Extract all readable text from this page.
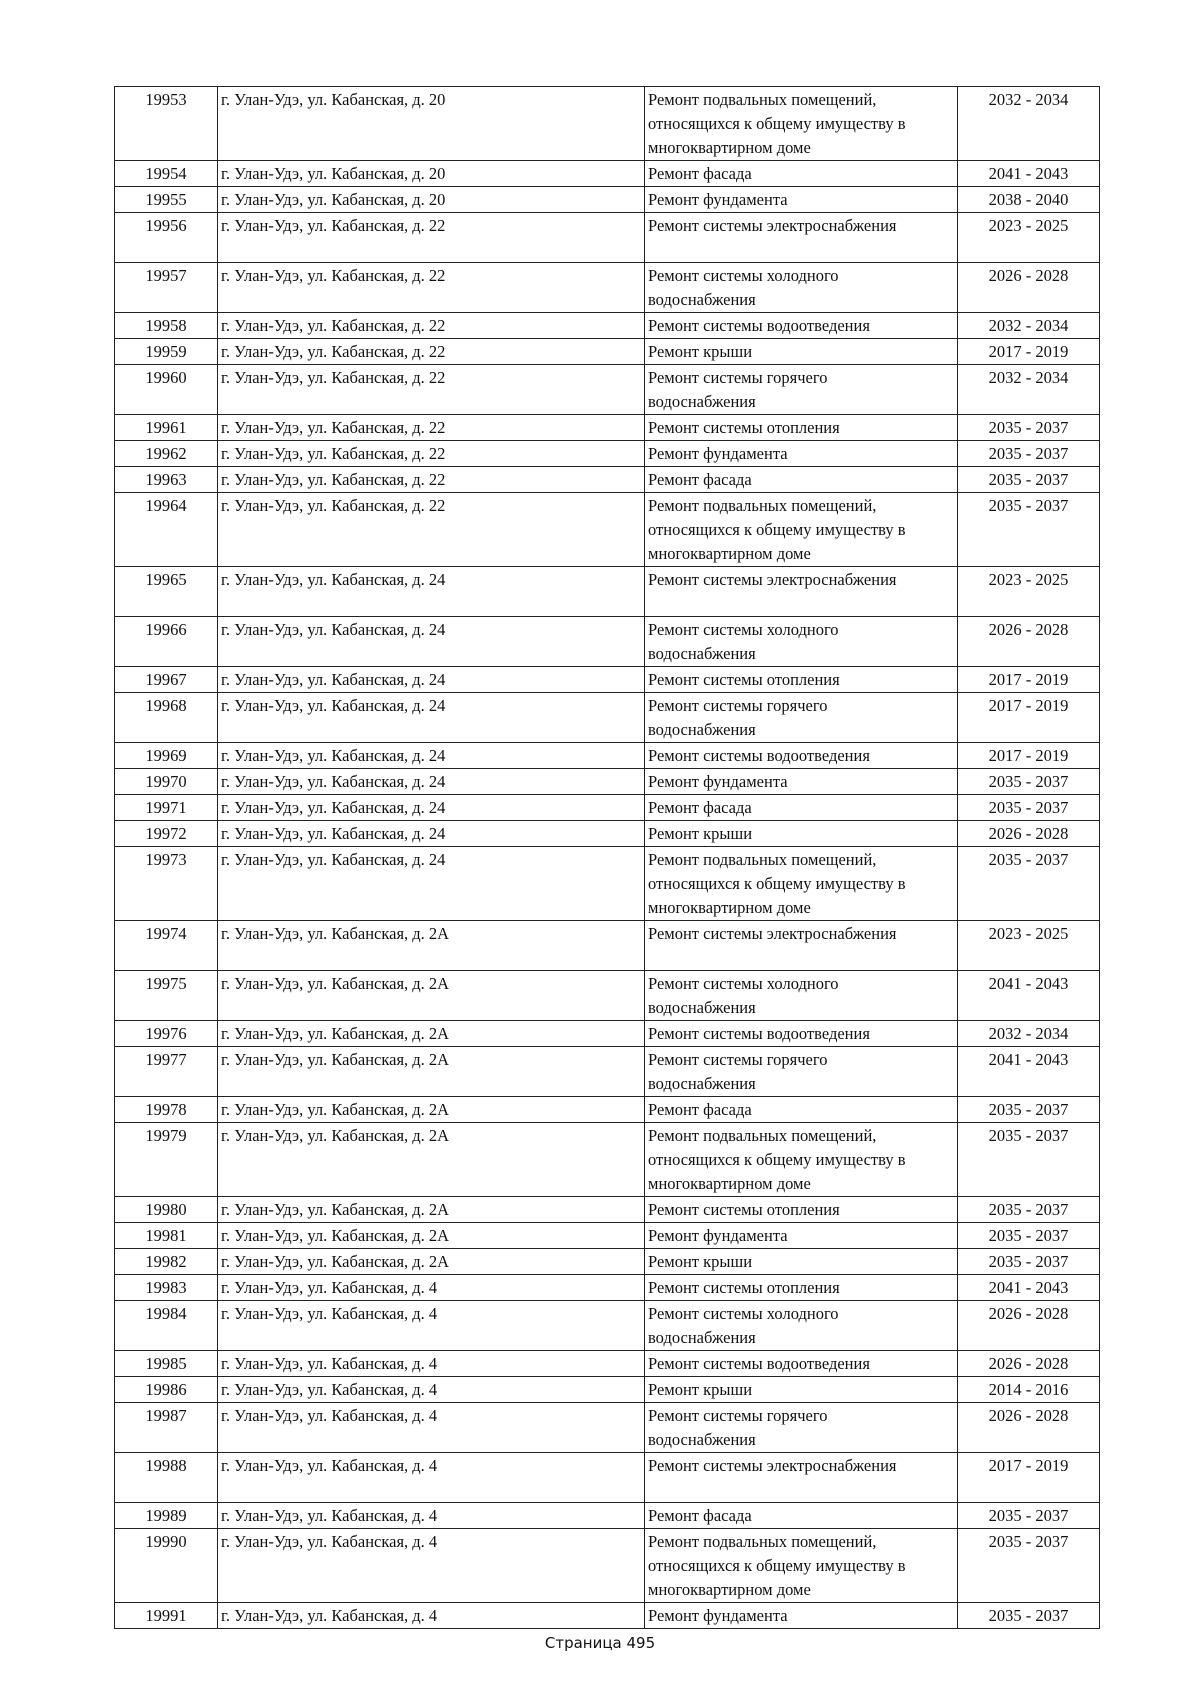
19953	г. Улан-Удэ, ул. Кабанская, д. 20	Ремонт подвальных помещений,
относящихся к общему имуществу в
многоквартирном доме	2032 - 2034
19954	г. Улан-Удэ, ул. Кабанская, д. 20	Ремонт фасада	2041 - 2043
19955	г. Улан-Удэ, ул. Кабанская, д. 20	Ремонт фундамента	2038 - 2040
19956	г. Улан-Удэ, ул. Кабанская, д. 22	Ремонт системы электроснабжения	2023 - 2025
19957	г. Улан-Удэ, ул. Кабанская, д. 22	Ремонт системы холодного
водоснабжения	2026 - 2028
19958	г. Улан-Удэ, ул. Кабанская, д. 22	Ремонт системы водоотведения	2032 - 2034
19959	г. Улан-Удэ, ул. Кабанская, д. 22	Ремонт крыши	2017 - 2019
19960	г. Улан-Удэ, ул. Кабанская, д. 22	Ремонт системы горячего
водоснабжения	2032 - 2034
19961	г. Улан-Удэ, ул. Кабанская, д. 22	Ремонт системы отопления	2035 - 2037
19962	г. Улан-Удэ, ул. Кабанская, д. 22	Ремонт фундамента	2035 - 2037
19963	г. Улан-Удэ, ул. Кабанская, д. 22	Ремонт фасада	2035 - 2037
19964	г. Улан-Удэ, ул. Кабанская, д. 22	Ремонт подвальных помещений,
относящихся к общему имуществу в
многоквартирном доме	2035 - 2037
19965	г. Улан-Удэ, ул. Кабанская, д. 24	Ремонт системы электроснабжения	2023 - 2025
19966	г. Улан-Удэ, ул. Кабанская, д. 24	Ремонт системы холодного
водоснабжения	2026 - 2028
19967	г. Улан-Удэ, ул. Кабанская, д. 24	Ремонт системы отопления	2017 - 2019
19968	г. Улан-Удэ, ул. Кабанская, д. 24	Ремонт системы горячего
водоснабжения	2017 - 2019
19969	г. Улан-Удэ, ул. Кабанская, д. 24	Ремонт системы водоотведения	2017 - 2019
19970	г. Улан-Удэ, ул. Кабанская, д. 24	Ремонт фундамента	2035 - 2037
19971	г. Улан-Удэ, ул. Кабанская, д. 24	Ремонт фасада	2035 - 2037
19972	г. Улан-Удэ, ул. Кабанская, д. 24	Ремонт крыши	2026 - 2028
19973	г. Улан-Удэ, ул. Кабанская, д. 24	Ремонт подвальных помещений,
относящихся к общему имуществу в
многоквартирном доме	2035 - 2037
19974	г. Улан-Удэ, ул. Кабанская, д. 2А	Ремонт системы электроснабжения	2023 - 2025
19975	г. Улан-Удэ, ул. Кабанская, д. 2А	Ремонт системы холодного
водоснабжения	2041 - 2043
19976	г. Улан-Удэ, ул. Кабанская, д. 2А	Ремонт системы водоотведения	2032 - 2034
19977	г. Улан-Удэ, ул. Кабанская, д. 2А	Ремонт системы горячего
водоснабжения	2041 - 2043
19978	г. Улан-Удэ, ул. Кабанская, д. 2А	Ремонт фасада	2035 - 2037
19979	г. Улан-Удэ, ул. Кабанская, д. 2А	Ремонт подвальных помещений,
относящихся к общему имуществу в
многоквартирном доме	2035 - 2037
19980	г. Улан-Удэ, ул. Кабанская, д. 2А	Ремонт системы отопления	2035 - 2037
19981	г. Улан-Удэ, ул. Кабанская, д. 2А	Ремонт фундамента	2035 - 2037
19982	г. Улан-Удэ, ул. Кабанская, д. 2А	Ремонт крыши	2035 - 2037
19983	г. Улан-Удэ, ул. Кабанская, д. 4	Ремонт системы отопления	2041 - 2043
19984	г. Улан-Удэ, ул. Кабанская, д. 4	Ремонт системы холодного
водоснабжения	2026 - 2028
19985	г. Улан-Удэ, ул. Кабанская, д. 4	Ремонт системы водоотведения	2026 - 2028
19986	г. Улан-Удэ, ул. Кабанская, д. 4	Ремонт крыши	2014 - 2016
19987	г. Улан-Удэ, ул. Кабанская, д. 4	Ремонт системы горячего
водоснабжения	2026 - 2028
19988	г. Улан-Удэ, ул. Кабанская, д. 4	Ремонт системы электроснабжения	2017 - 2019
19989	г. Улан-Удэ, ул. Кабанская, д. 4	Ремонт фасада	2035 - 2037
19990	г. Улан-Удэ, ул. Кабанская, д. 4	Ремонт подвальных помещений,
относящихся к общему имуществу в
многоквартирном доме	2035 - 2037
19991	г. Улан-Удэ, ул. Кабанская, д. 4	Ремонт фундамента	2035 - 2037
Страница 495
